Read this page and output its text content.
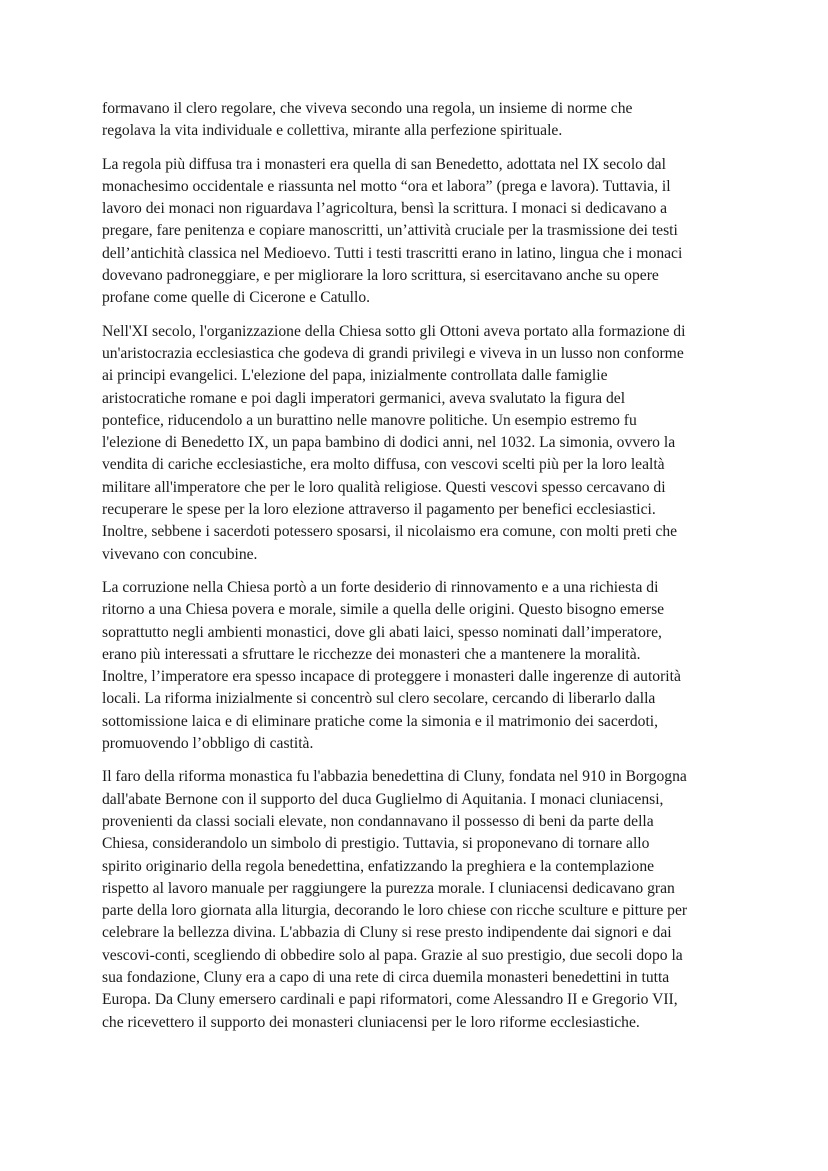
formavano il clero regolare, che viveva secondo una regola, un insieme di norme che
regolava la vita individuale e collettiva, mirante alla perfezione spirituale.

La regola più diffusa tra i monasteri era quella di san Benedetto, adottata nel IX secolo dal
monachesimo occidentale e riassunta nel motto “ora et labora” (prega e lavora). Tuttavia, il
lavoro dei monaci non riguardava l’agricoltura, bensì la scrittura. I monaci si dedicavano a
pregare, fare penitenza e copiare manoscritti, un’attività cruciale per la trasmissione dei testi
dell’antichità classica nel Medioevo. Tutti i testi trascritti erano in latino, lingua che i monaci
dovevano padroneggiare, e per migliorare la loro scrittura, si esercitavano anche su opere
profane come quelle di Cicerone e Catullo.

Nell'XI secolo, l'organizzazione della Chiesa sotto gli Ottoni aveva portato alla formazione di
un'aristocrazia ecclesiastica che godeva di grandi privilegi e viveva in un lusso non conforme
ai principi evangelici. L'elezione del papa, inizialmente controllata dalle famiglie
aristocratiche romane e poi dagli imperatori germanici, aveva svalutato la figura del
pontefice, riducendolo a un burattino nelle manovre politiche. Un esempio estremo fu
l'elezione di Benedetto IX, un papa bambino di dodici anni, nel 1032. La simonia, ovvero la
vendita di cariche ecclesiastiche, era molto diffusa, con vescovi scelti più per la loro lealtà
militare all'imperatore che per le loro qualità religiose. Questi vescovi spesso cercavano di
recuperare le spese per la loro elezione attraverso il pagamento per benefici ecclesiastici.
Inoltre, sebbene i sacerdoti potessero sposarsi, il nicolaismo era comune, con molti preti che
vivevano con concubine.

La corruzione nella Chiesa portò a un forte desiderio di rinnovamento e a una richiesta di
ritorno a una Chiesa povera e morale, simile a quella delle origini. Questo bisogno emerse
soprattutto negli ambienti monastici, dove gli abati laici, spesso nominati dall’imperatore,
erano più interessati a sfruttare le ricchezze dei monasteri che a mantenere la moralità.
Inoltre, l’imperatore era spesso incapace di proteggere i monasteri dalle ingerenze di autorità
locali. La riforma inizialmente si concentrò sul clero secolare, cercando di liberarlo dalla
sottomissione laica e di eliminare pratiche come la simonia e il matrimonio dei sacerdoti,
promuovendo l’obbligo di castità.

Il faro della riforma monastica fu l'abbazia benedettina di Cluny, fondata nel 910 in Borgogna
dall'abate Bernone con il supporto del duca Guglielmo di Aquitania. I monaci cluniacensi,
provenienti da classi sociali elevate, non condannavano il possesso di beni da parte della
Chiesa, considerandolo un simbolo di prestigio. Tuttavia, si proponevano di tornare allo
spirito originario della regola benedettina, enfatizzando la preghiera e la contemplazione
rispetto al lavoro manuale per raggiungere la purezza morale. I cluniacensi dedicavano gran
parte della loro giornata alla liturgia, decorando le loro chiese con ricche sculture e pitture per
celebrare la bellezza divina. L'abbazia di Cluny si rese presto indipendente dai signori e dai
vescovi-conti, scegliendo di obbedire solo al papa. Grazie al suo prestigio, due secoli dopo la
sua fondazione, Cluny era a capo di una rete di circa duemila monasteri benedettini in tutta
Europa. Da Cluny emersero cardinali e papi riformatori, come Alessandro II e Gregorio VII,
che ricevettero il supporto dei monasteri cluniacensi per le loro riforme ecclesiastiche.
